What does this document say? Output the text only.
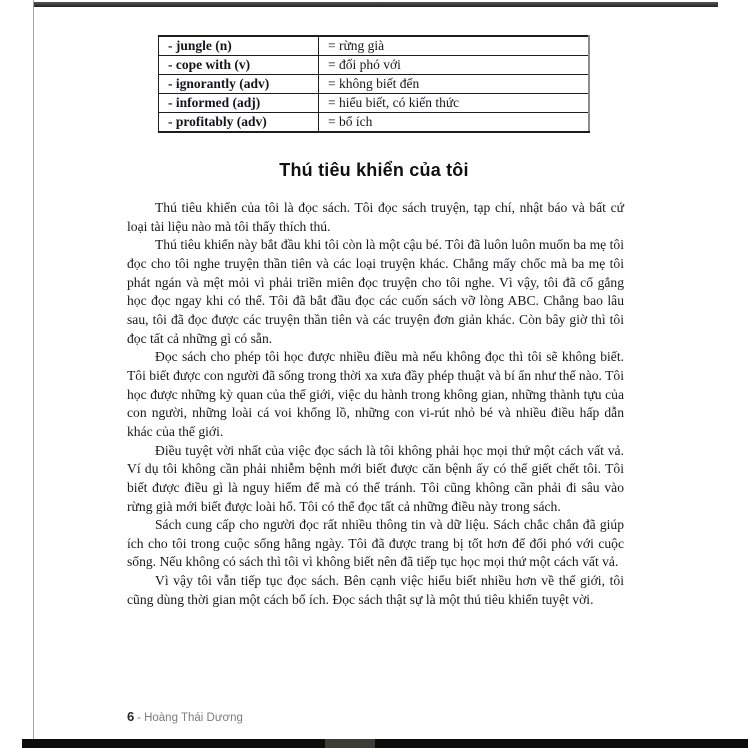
- jungle (n)	= rừng già
- cope with (v)	= đối phó với
- ignorantly (adv)	= không biết đến
- informed (adj)	= hiểu biết, có kiến thức
- profitably (adv)	= bổ ích
Thú tiêu khiển của tôi

Thú tiêu khiển của tôi là đọc sách. Tôi đọc sách truyện, tạp chí, nhật báo và bất cứ loại tài liệu nào mà tôi thấy thích thú.

Thú tiêu khiển này bắt đầu khi tôi còn là một cậu bé. Tôi đã luôn luôn muốn ba mẹ tôi đọc cho tôi nghe truyện thần tiên và các loại truyện khác. Chẳng mấy chốc mà ba mẹ tôi phát ngán và mệt mỏi vì phải triền miên đọc truyện cho tôi nghe. Vì vậy, tôi đã cố gắng học đọc ngay khi có thể. Tôi đã bắt đầu đọc các cuốn sách vỡ lòng ABC. Chẳng bao lâu sau, tôi đã đọc được các truyện thần tiên và các truyện đơn giản khác. Còn bây giờ thì tôi đọc tất cả những gì có sẵn.

Đọc sách cho phép tôi học được nhiều điều mà nếu không đọc thì tôi sẽ không biết. Tôi biết được con người đã sống trong thời xa xưa đầy phép thuật và bí ẩn như thế nào. Tôi học được những kỳ quan của thế giới, việc du hành trong không gian, những thành tựu của con người, những loài cá voi khổng lồ, những con vi-rút nhỏ bé và nhiều điều hấp dẫn khác của thế giới.

Điều tuyệt vời nhất của việc đọc sách là tôi không phải học mọi thứ một cách vất vả. Ví dụ tôi không cần phải nhiễm bệnh mới biết được căn bệnh ấy có thể giết chết tôi. Tôi biết được điều gì là nguy hiểm để mà có thể tránh. Tôi cũng không cần phải đi sâu vào rừng già mới biết được loài hổ. Tôi có thể đọc tất cả những điều này trong sách.

Sách cung cấp cho người đọc rất nhiều thông tin và dữ liệu. Sách chắc chắn đã giúp ích cho tôi trong cuộc sống hằng ngày. Tôi đã được trang bị tốt hơn để đối phó với cuộc sống. Nếu không có sách thì tôi vì không biết nên đã tiếp tục học mọi thứ một cách vất vả.

Vì vậy tôi vẫn tiếp tục đọc sách. Bên cạnh việc hiểu biết nhiều hơn về thế giới, tôi cũng dùng thời gian một cách bổ ích. Đọc sách thật sự là một thú tiêu khiển tuyệt vời.

6 - Hoàng Thái Dương
